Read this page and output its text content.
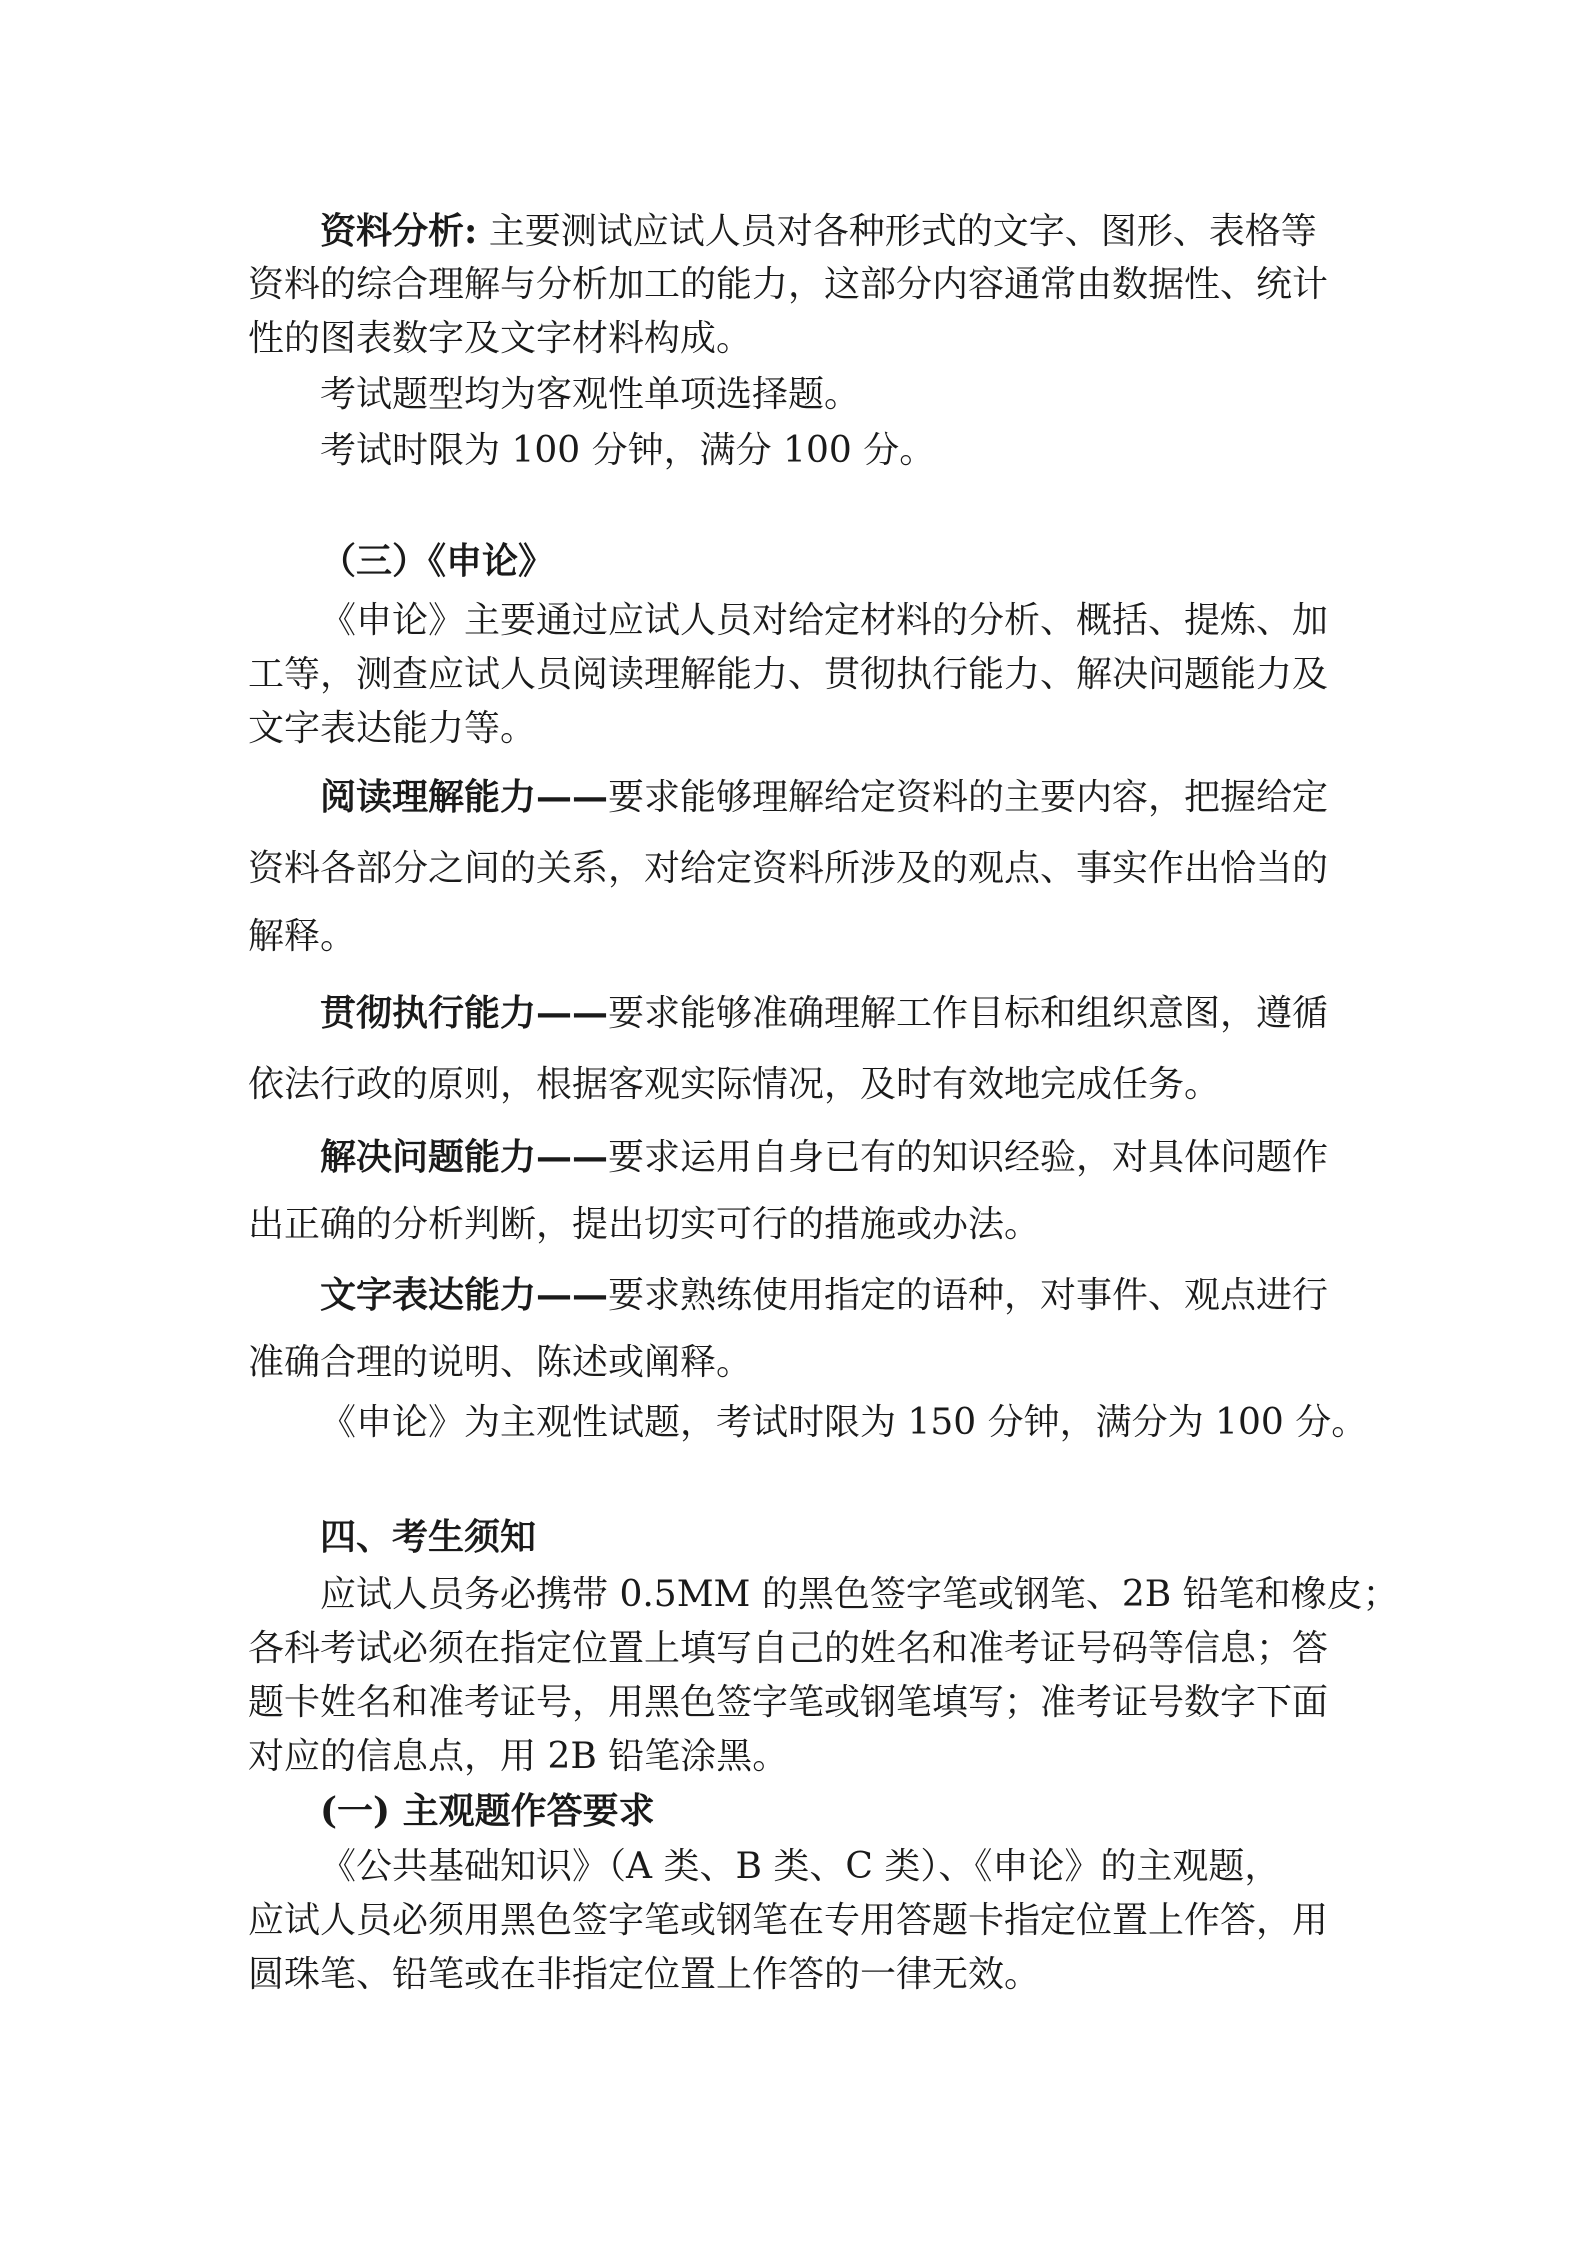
资料分析: 主要测试应试人员对各种形式的文字、图形、表格等

资料的综合理解与分析加工的能力，这部分内容通常由数据性、统计

性的图表数字及文字材料构成。

考试题型均为客观性单项选择题。

考试时限为 100 分钟，满分 100 分。

（三）《申论》

《申论》主要通过应试人员对给定材料的分析、概括、提炼、加

工等，测查应试人员阅读理解能力、贯彻执行能力、解决问题能力及

文字表达能力等。

阅读理解能力——要求能够理解给定资料的主要内容，把握给定

资料各部分之间的关系，对给定资料所涉及的观点、事实作出恰当的

解释。

贯彻执行能力——要求能够准确理解工作目标和组织意图，遵循

依法行政的原则，根据客观实际情况，及时有效地完成任务。

解决问题能力——要求运用自身已有的知识经验，对具体问题作

出正确的分析判断，提出切实可行的措施或办法。

文字表达能力——要求熟练使用指定的语种，对事件、观点进行

准确合理的说明、陈述或阐释。

《申论》为主观性试题，考试时限为 150 分钟，满分为 100 分。

四、考生须知

应试人员务必携带 0.5MM 的黑色签字笔或钢笔、2B 铅笔和橡皮；

各科考试必须在指定位置上填写自己的姓名和准考证号码等信息；答

题卡姓名和准考证号，用黑色签字笔或钢笔填写；准考证号数字下面

对应的信息点，用 2B 铅笔涂黑。

(一) 主观题作答要求

《公共基础知识》（A 类、B 类、C 类）、《申论》的主观题，

应试人员必须用黑色签字笔或钢笔在专用答题卡指定位置上作答，用

圆珠笔、铅笔或在非指定位置上作答的一律无效。
